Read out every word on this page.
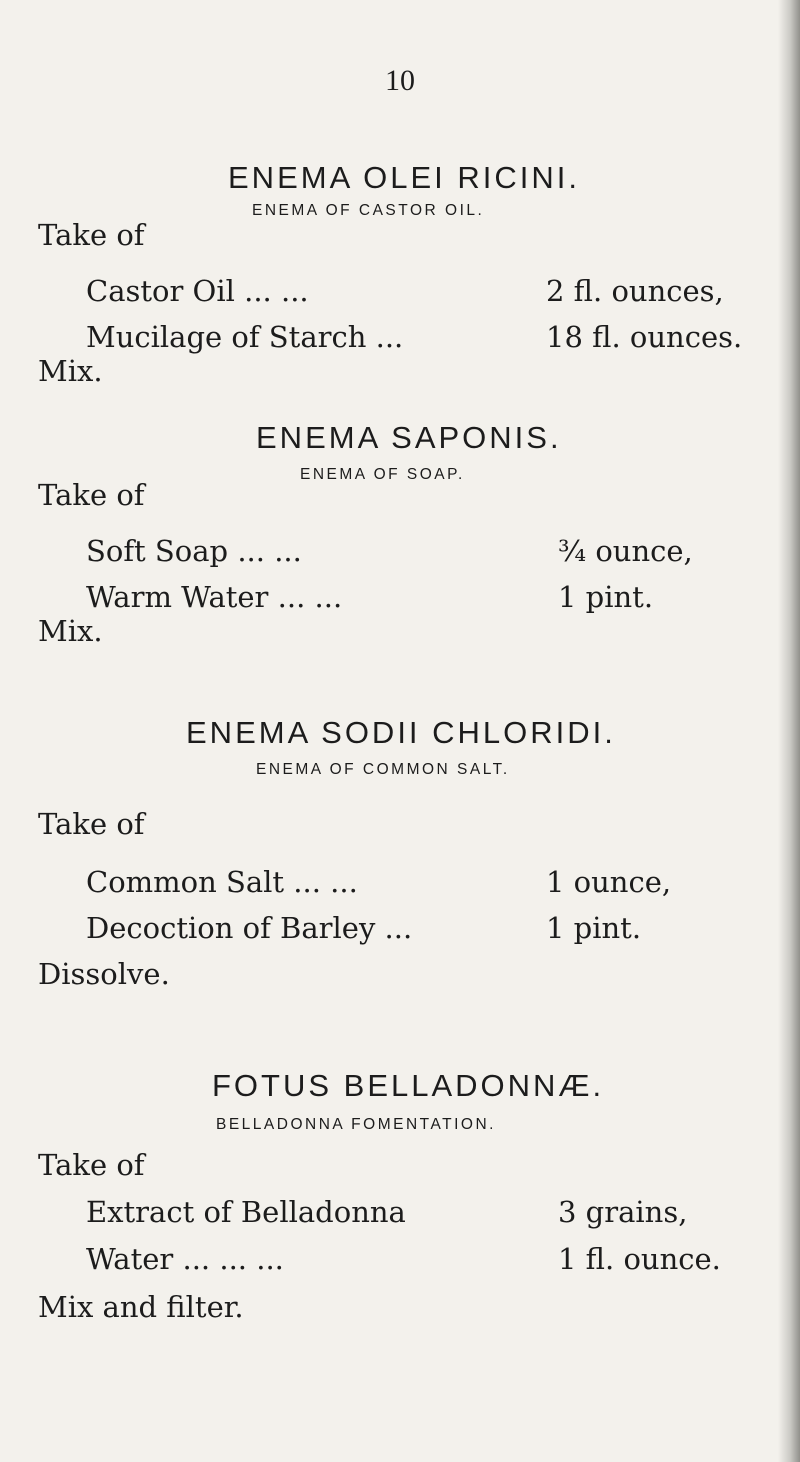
10
ENEMA OLEI RICINI.
ENEMA OF CASTOR OIL.
Take of
Castor Oil ... ...	2 fl. ounces,
Mucilage of Starch ...	18 fl. ounces.
Mix.
ENEMA SAPONIS.
ENEMA OF SOAP.
Take of
Soft Soap ... ...	¾ ounce,
Warm Water ... ...	1 pint.
Mix.
ENEMA SODII CHLORIDI.
ENEMA OF COMMON SALT.
Take of
Common Salt ... ...	1 ounce,
Decoction of Barley ...	1 pint.
Dissolve.
FOTUS BELLADONNÆ.
BELLADONNA FOMENTATION.
Take of
Extract of Belladonna	3 grains,
Water ... ... ...	1 fl. ounce.
Mix and filter.
